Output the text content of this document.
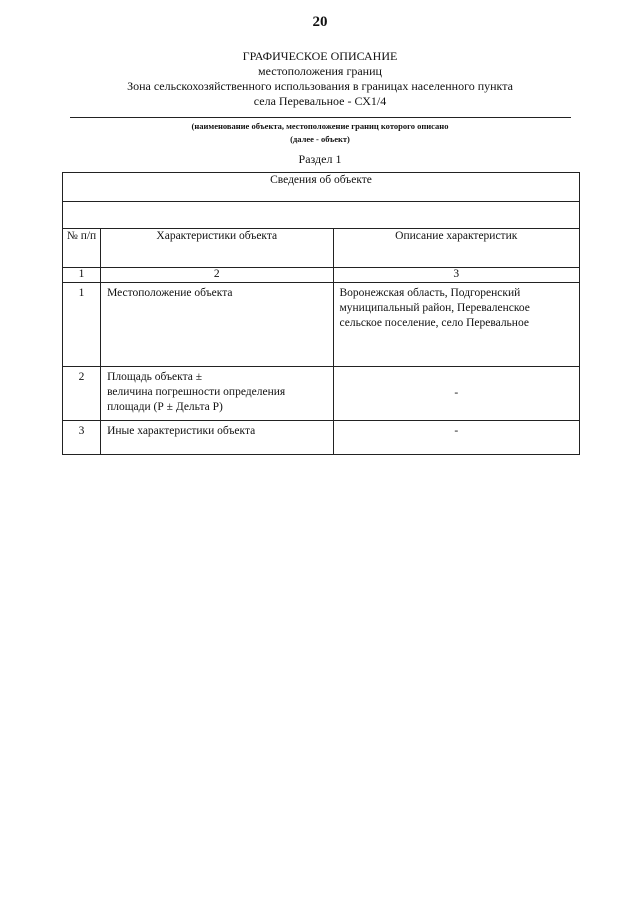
20
ГРАФИЧЕСКОЕ ОПИСАНИЕ
местоположения границ
Зона сельскохозяйственного использования в границах населенного пункта
села Перевальное - СХ1/4
(наименование объекта, местоположение границ которого описано
(далее - объект)
Раздел 1
Сведения об объекте		

№ п/п	Характеристики объекта	Описание характеристик
1	2	3
1	Местоположение объекта	Воронежская область, Подгоренский муниципальный район, Переваленское сельское поселение, село Перевальное
2	Площадь объекта ±
величина погрешности определения
площади (Р ± Дельта Р)	-
3	Иные характеристики объекта	-
